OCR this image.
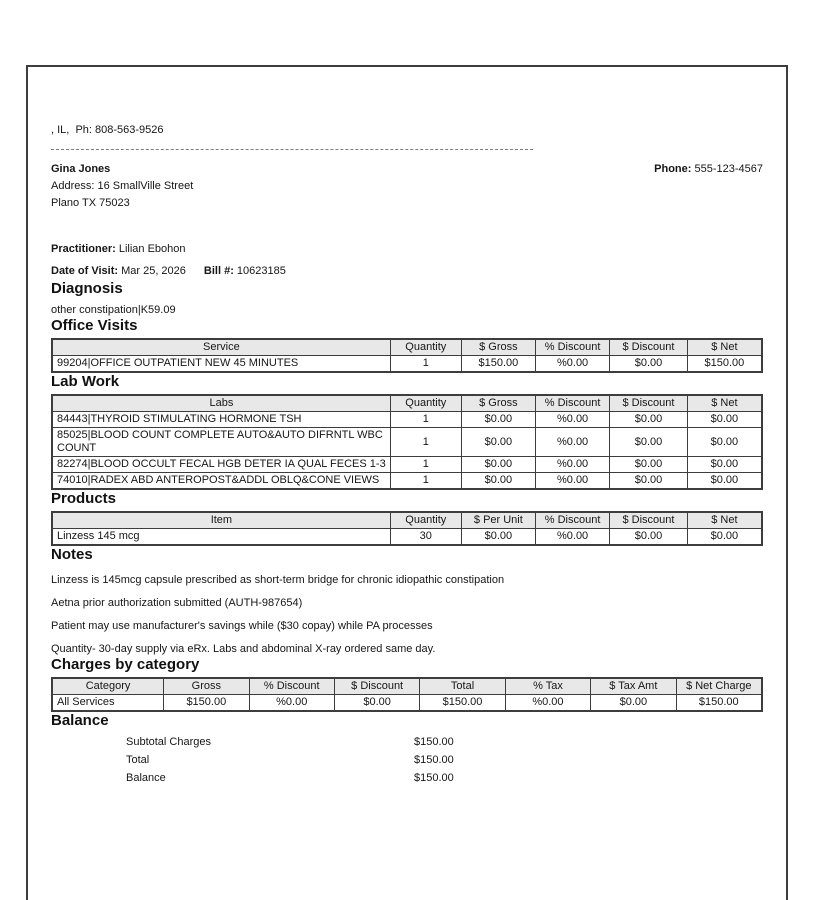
, IL,  Ph: 808-563-9526
Gina Jones
Address: 16 SmallVille Street
Plano TX 75023
Phone: 555-123-4567
Practitioner: Lilian Ebohon
Date of Visit: Mar 25, 2026 Bill #: 10623185
Diagnosis
other constipation|K59.09
Office Visits
Service	Quantity	$ Gross	% Discount	$ Discount	$ Net
99204|OFFICE OUTPATIENT NEW 45 MINUTES	1	$150.00	%0.00	$0.00	$150.00
Lab Work
Labs	Quantity	$ Gross	% Discount	$ Discount	$ Net
84443|THYROID STIMULATING HORMONE TSH	1	$0.00	%0.00	$0.00	$0.00
85025|BLOOD COUNT COMPLETE AUTO&AUTO DIFRNTL WBC COUNT	1	$0.00	%0.00	$0.00	$0.00
82274|BLOOD OCCULT FECAL HGB DETER IA QUAL FECES 1-3	1	$0.00	%0.00	$0.00	$0.00
74010|RADEX ABD ANTEROPOST&ADDL OBLQ&CONE VIEWS	1	$0.00	%0.00	$0.00	$0.00
Products
Item	Quantity	$ Per Unit	% Discount	$ Discount	$ Net
Linzess 145 mcg	30	$0.00	%0.00	$0.00	$0.00
Notes
Linzess is 145mcg capsule prescribed as short-term bridge for chronic idiopathic constipation
Aetna prior authorization submitted (AUTH-987654)
Patient may use manufacturer's savings while ($30 copay) while PA processes
Quantity- 30-day supply via eRx. Labs and abdominal X-ray ordered same day.
Charges by category
Category	Gross	% Discount	$ Discount	Total	% Tax	$ Tax Amt	$ Net Charge
All Services	$150.00	%0.00	$0.00	$150.00	%0.00	$0.00	$150.00
Balance
Subtotal Charges	$150.00
Total	$150.00
Balance	$150.00
